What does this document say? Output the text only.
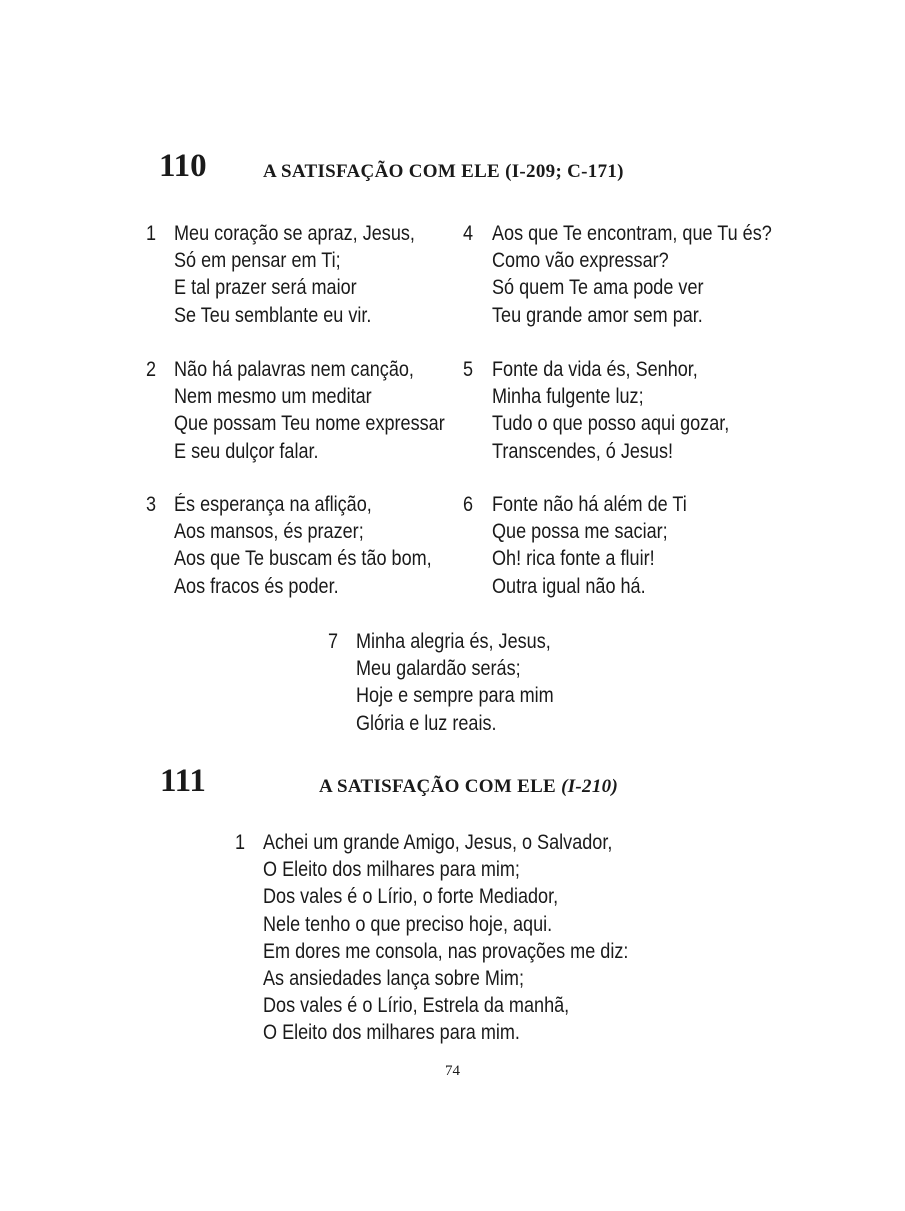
110	A SATISFAÇÃO COM ELE (I-209; C-171)
1 Meu coração se apraz, Jesus,
Só em pensar em Ti;
E tal prazer será maior
Se Teu semblante eu vir.
2 Não há palavras nem canção,
Nem mesmo um meditar
Que possam Teu nome expressar
E seu dulçor falar.
3 És esperança na aflição,
Aos mansos, és prazer;
Aos que Te buscam és tão bom,
Aos fracos és poder.
4 Aos que Te encontram, que Tu és?
Como vão expressar?
Só quem Te ama pode ver
Teu grande amor sem par.
5 Fonte da vida és, Senhor,
Minha fulgente luz;
Tudo o que posso aqui gozar,
Transcendes, ó Jesus!
6 Fonte não há além de Ti
Que possa me saciar;
Oh! rica fonte a fluir!
Outra igual não há.
7 Minha alegria és, Jesus,
Meu galardão serás;
Hoje e sempre para mim
Glória e luz reais.
111	A SATISFAÇÃO COM ELE (I-210)
1 Achei um grande Amigo, Jesus, o Salvador,
O Eleito dos milhares para mim;
Dos vales é o Lírio, o forte Mediador,
Nele tenho o que preciso hoje, aqui.
Em dores me consola, nas provações me diz:
As ansiedades lança sobre Mim;
Dos vales é o Lírio, Estrela da manhã,
O Eleito dos milhares para mim.
74
